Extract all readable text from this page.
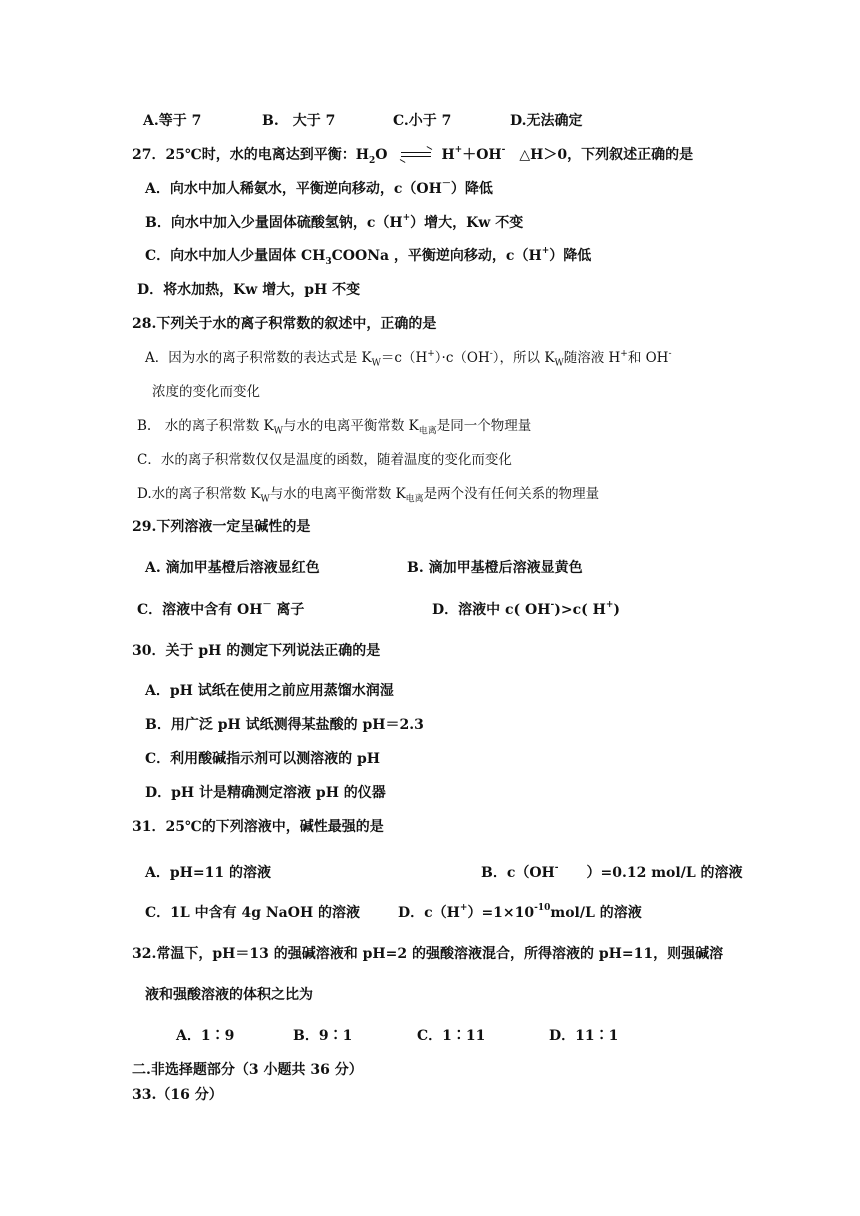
A.等于 7	B.　大于 7	C.小于 7	D.无法确定
27．25℃时，水的电离达到平衡：$H_2O$	H+＋OH- △H＞0，下列叙述正确的是
A．向水中加人稀氨水，平衡逆向移动，c（OH－）降低
B．向水中加入少量固体硫酸氢钠，c（H+）增大，Kw 不变
C．向水中加人少量固体 $CH_3COONa$ ，平衡逆向移动，c（H+）降低
D．将水加热，Kw 增大，pH 不变
28.下列关于水的离子积常数的叙述中，正确的是
A．因为水的离子积常数的表达式是 $K_W=c(H^+)\cdot c(OH^-)$，所以 $K_W$随溶液 H+和 OH-
浓度的变化而变化
B.　水的离子积常数 $K_W$与水的电离平衡常数 $K_{电离}$是同一个物理量
C．水的离子积常数仅仅是温度的函数，随着温度的变化而变化
D.水的离子积常数 $K_W$与水的电离平衡常数 $K_{电离}$是两个没有任何关系的物理量
29.下列溶液一定呈碱性的是
A. 滴加甲基橙后溶液显红色	B. 滴加甲基橙后溶液显黄色
C．溶液中含有 OH－ 离子	D．溶液中 c( OH-)>c( H+)
30．关于 pH 的测定下列说法正确的是
A．pH 试纸在使用之前应用蒸馏水润湿
B．用广泛 pH 试纸测得某盐酸的 pH＝2.3
C．利用酸碱指示剂可以测溶液的 pH
D．pH 计是精确测定溶液 pH 的仪器
31．25℃的下列溶液中，碱性最强的是
A．pH=11 的溶液	B．c（OH-　　）=0.12 mol/L 的溶液
C．1L 中含有 4g NaOH 的溶液	D．$c(H^+)=1\times 10^{-10}mol/L$ 的溶液
32.常温下，pH＝13 的强碱溶液和 pH=2 的强酸溶液混合，所得溶液的 pH=11，则强碱溶
液和强酸溶液的体积之比为
A．1∶9	B．9∶1	C．1∶11	D．11∶1
二.非选择题部分（3 小题共 36 分）
33.（16 分）
